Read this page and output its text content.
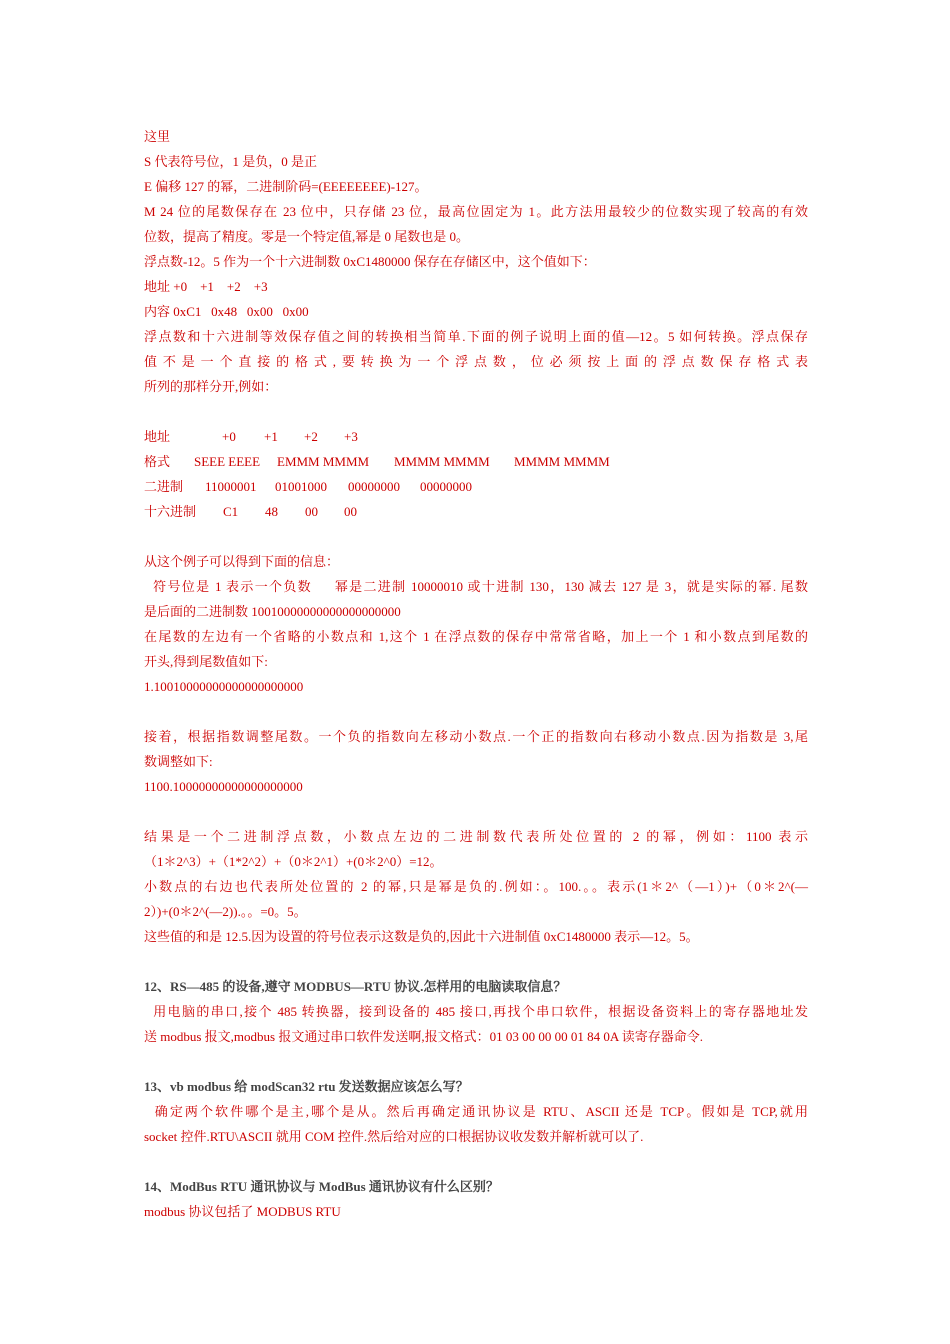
这里
S 代表符号位，1 是负，0 是正
E 偏移 127 的幂，二进制阶码=(EEEEEEEE)-127。
M 24 位的尾数保存在 23 位中，只存储 23 位，最高位固定为 1。此方法用最较少的位数实现了较高的有效
位数，提高了精度。零是一个特定值,幂是 0 尾数也是 0。
浮点数-12。5 作为一个十六进制数 0xC1480000 保存在存储区中，这个值如下：
地址 +0    +1    +2    +3
内容 0xC1   0x48   0x00   0x00
浮点数和十六进制等效保存值之间的转换相当简单.下面的例子说明上面的值—12。5 如何转换。浮点保存
值不是一个直接的格式,要转换为一个浮点数，位必须按上面的浮点数保存格式表
所列的那样分开,例如：
地址	+0 +1 +2 +3
格式 SEEE EEEE EMMM MMMM MMMM MMMM MMMM MMMM
二进制 11000001 01001000 00000000 00000000
十六进制 C1 48 00 00
从这个例子可以得到下面的信息：
符号位是 1 表示一个负数     幂是二进制 10000010 或十进制 130，130 减去 127 是 3，就是实际的幂. 尾数
是后面的二进制数 10010000000000000000000
在尾数的左边有一个省略的小数点和 1,这个 1 在浮点数的保存中常常省略，加上一个 1 和小数点到尾数的
开头,得到尾数值如下:
1.10010000000000000000000
接着，根据指数调整尾数。一个负的指数向左移动小数点.一个正的指数向右移动小数点.因为指数是 3,尾
数调整如下:
1100.10000000000000000000
结果是一个二进制浮点数，小数点左边的二进制数代表所处位置的 2 的幂，例如：1100 表示
（1＊2^3）+（1*2^2）+（0＊2^1）+(0＊2^0）=12。
小数点的右边也代表所处位置的 2 的幂,只是幂是负的.例如：。100.。。表示(1＊2^（—1）)+（0＊2^(—
2）)+(0＊2^(—2)).。。=0。5。
这些值的和是 12.5.因为设置的符号位表示这数是负的,因此十六进制值 0xC1480000 表示—12。5。
12、RS—485 的设备,遵守 MODBUS—RTU 协议.怎样用的电脑读取信息？
用电脑的串口,接个 485 转换器，接到设备的 485 接口,再找个串口软件，根据设备资料上的寄存器地址发
送 modbus 报文,modbus 报文通过串口软件发送啊,报文格式：01 03 00 00 00 01 84 0A 读寄存器命令.
13、vb modbus 给 modScan32 rtu 发送数据应该怎么写？
确定两个软件哪个是主,哪个是从。然后再确定通讯协议是 RTU、ASCII 还是 TCP。假如是 TCP,就用
socket 控件.RTU\ASCII 就用 COM 控件.然后给对应的口根据协议收发数并解析就可以了.
14、ModBus RTU 通讯协议与 ModBus 通讯协议有什么区别？
modbus 协议包括了 MODBUS RTU
